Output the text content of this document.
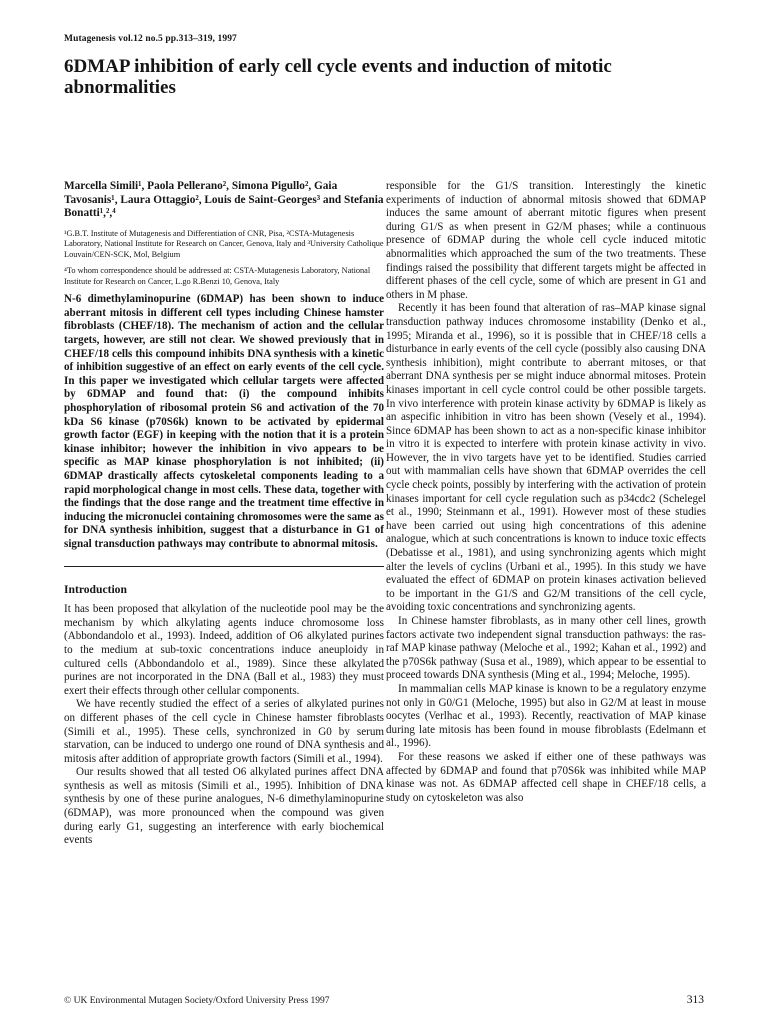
Mutagenesis vol.12 no.5 pp.313–319, 1997
6DMAP inhibition of early cell cycle events and induction of mitotic abnormalities

Marcella Simili¹, Paola Pellerano², Simona Pigullo², Gaia Tavosanis¹, Laura Ottaggio², Louis de Saint-Georges³ and Stefania Bonatti¹,²,⁴

¹G.B.T. Institute of Mutagenesis and Differentiation of CNR, Pisa, ²CSTA-Mutagenesis Laboratory, National Institute for Research on Cancer, Genova, Italy and ³University Catholique Louvain/CEN-SCK, Mol, Belgium

⁴To whom correspondence should be addressed at: CSTA-Mutagenesis Laboratory, National Institute for Research on Cancer, L.go R.Benzi 10, Genova, Italy

N-6 dimethylaminopurine (6DMAP) has been shown to induce aberrant mitosis in different cell types including Chinese hamster fibroblasts (CHEF/18). The mechanism of action and the cellular targets, however, are still not clear. We showed previously that in CHEF/18 cells this compound inhibits DNA synthesis with a kinetic of inhibition suggestive of an effect on early events of the cell cycle. In this paper we investigated which cellular targets were affected by 6DMAP and found that: (i) the compound inhibits phosphorylation of ribosomal protein S6 and activation of the 70 kDa S6 kinase (p70S6k) known to be activated by epidermal growth factor (EGF) in keeping with the notion that it is a protein kinase inhibitor; however the inhibition in vivo appears to be specific as MAP kinase phosphorylation is not inhibited; (ii) 6DMAP drastically affects cytoskeletal components leading to a rapid morphological change in most cells. These data, together with the findings that the dose range and the treatment time effective in inducing the micronuclei containing chromosomes were the same as for DNA synthesis inhibition, suggest that a disturbance in G1 of signal transduction pathways may contribute to abnormal mitosis.

Introduction

It has been proposed that alkylation of the nucleotide pool may be the mechanism by which alkylating agents induce chromosome loss (Abbondandolo et al., 1993). Indeed, addition of O6 alkylated purines to the medium at sub-toxic concentrations induce aneuploidy in cultured cells (Abbondandolo et al., 1989). Since these alkylated purines are not incorporated in the DNA (Ball et al., 1983) they must exert their effects through other cellular components.

We have recently studied the effect of a series of alkylated purines on different phases of the cell cycle in Chinese hamster fibroblasts (Simili et al., 1995). These cells, synchronized in G0 by serum starvation, can be induced to undergo one round of DNA synthesis and mitosis after addition of appropriate growth factors (Simili et al., 1994).

Our results showed that all tested O6 alkylated purines affect DNA synthesis as well as mitosis (Simili et al., 1995). Inhibition of DNA synthesis by one of these purine analogues, N-6 dimethylaminopurine (6DMAP), was more pronounced when the compound was given during early G1, suggesting an interference with early biochemical events

responsible for the G1/S transition. Interestingly the kinetic experiments of induction of abnormal mitosis showed that 6DMAP induces the same amount of aberrant mitotic figures when present during G1/S as when present in G2/M phases; while a continuous presence of 6DMAP during the whole cell cycle induced mitotic abnormalities which approached the sum of the two treatments. These findings raised the possibility that different targets might be affected in different phases of the cell cycle, some of which are present in G1 and others in M phase.

Recently it has been found that alteration of ras–MAP kinase signal transduction pathway induces chromosome instability (Denko et al., 1995; Miranda et al., 1996), so it is possible that in CHEF/18 cells a disturbance in early events of the cell cycle (possibly also causing DNA synthesis inhibition), might contribute to aberrant mitoses, or that aberrant DNA synthesis per se might induce abnormal mitoses. Protein kinases important in cell cycle control could be other possible targets. In vivo interference with protein kinase activity by 6DMAP is likely as an aspecific inhibition in vitro has been shown (Vesely et al., 1994). Since 6DMAP has been shown to act as a non-specific kinase inhibitor in vitro it is expected to interfere with protein kinase activity in vivo. However, the in vivo targets have yet to be identified. Studies carried out with mammalian cells have shown that 6DMAP overrides the cell cycle check points, possibly by interfering with the activation of protein kinases important for cell cycle regulation such as p34cdc2 (Schelegel et al., 1990; Steinmann et al., 1991). However most of these studies have been carried out using high concentrations of this adenine analogue, which at such concentrations is known to induce toxic effects (Debatisse et al., 1981), and using synchronizing agents which might alter the levels of cyclins (Urbani et al., 1995). In this study we have evaluated the effect of 6DMAP on protein kinases activation believed to be important in the G1/S and G2/M transitions of the cell cycle, avoiding toxic concentrations and synchronizing agents.

In Chinese hamster fibroblasts, as in many other cell lines, growth factors activate two independent signal transduction pathways: the ras-raf MAP kinase pathway (Meloche et al., 1992; Kahan et al., 1992) and the p70S6k pathway (Susa et al., 1989), which appear to be essential to proceed towards DNA synthesis (Ming et al., 1994; Meloche, 1995).

In mammalian cells MAP kinase is known to be a regulatory enzyme not only in G0/G1 (Meloche, 1995) but also in G2/M at least in mouse oocytes (Verlhac et al., 1993). Recently, reactivation of MAP kinase during late mitosis has been found in mouse fibroblasts (Edelmann et al., 1996).

For these reasons we asked if either one of these pathways was affected by 6DMAP and found that p70S6k was inhibited while MAP kinase was not. As 6DMAP affected cell shape in CHEF/18 cells, a study on cytoskeleton was also

© UK Environmental Mutagen Society/Oxford University Press 1997	313
